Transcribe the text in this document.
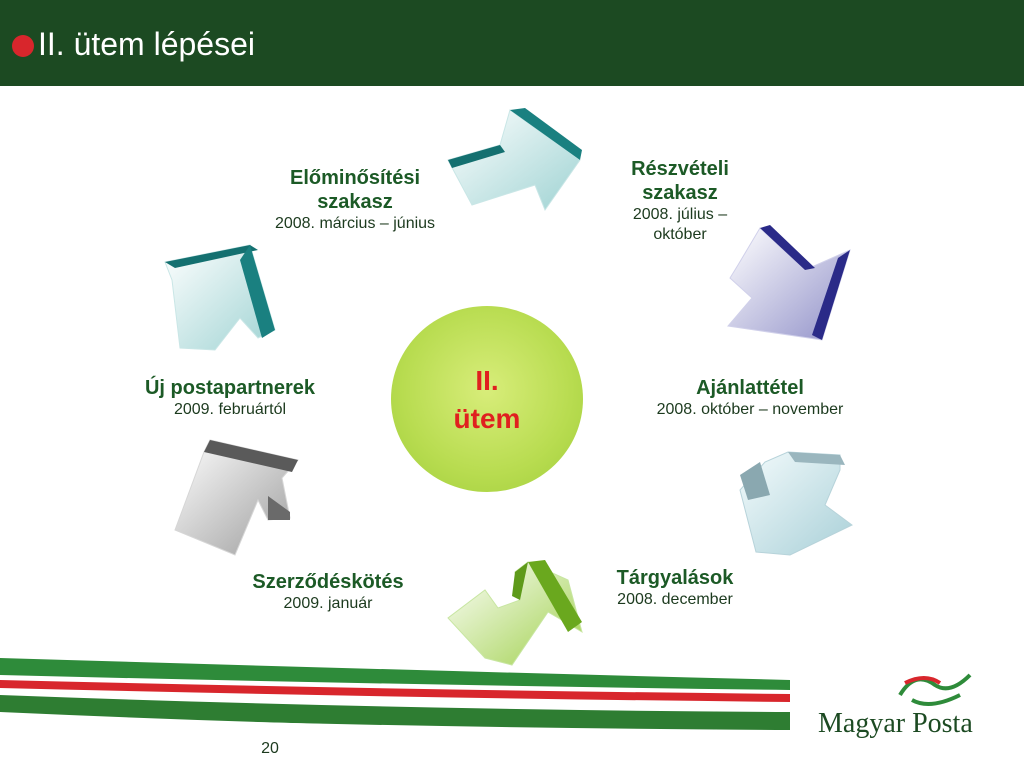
II. ütem lépései
II.
ütem
Előminősítési
szakasz
2008. március – június
Részvételi
szakasz
2008. július –
október
Ajánlattétel
2008. október – november
Tárgyalások
2008. december
Szerződéskötés
2009. január
Új postapartnerek
2009. februártól
20
Magyar Posta
